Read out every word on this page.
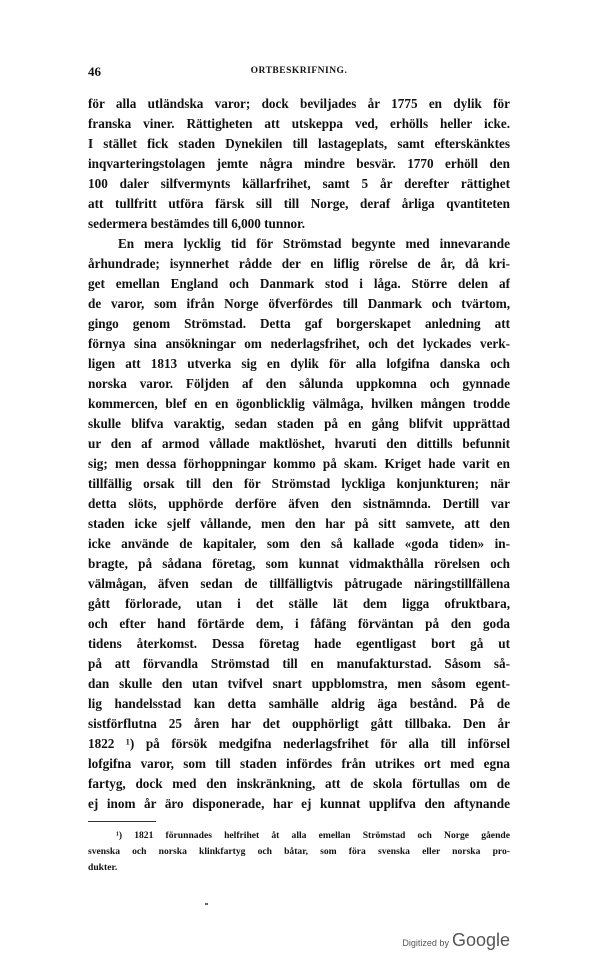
46	ORTBESKRIFNING.
för alla utländska varor; dock beviljades år 1775 en dylik för
franska viner. Rättigheten att utskeppa ved, erhölls heller icke.
I stället fick staden Dynekilen till lastageplats, samt efterskänktes
inqvarteringstolagen jemte några mindre besvär. 1770 erhöll den
100 daler silfvermynts källarfrihet, samt 5 år derefter rättighet
att tullfritt utföra färsk sill till Norge, deraf årliga qvantiteten
sedermera bestämdes till 6,000 tunnor.
En mera lycklig tid för Strömstad begynte med innevarande
århundrade; isynnerhet rådde der en liflig rörelse de år, då kri-
get emellan England och Danmark stod i låga. Större delen af
de varor, som ifrån Norge öfverfördes till Danmark och tvärtom,
gingo genom Strömstad. Detta gaf borgerskapet anledning att
förnya sina ansökningar om nederlagsfrihet, och det lyckades verk-
ligen att 1813 utverka sig en dylik för alla lofgifna danska och
norska varor. Följden af den sålunda uppkomna och gynnade
kommercen, blef en en ögonblicklig välmåga, hvilken mången trodde
skulle blifva varaktig, sedan staden på en gång blifvit upprättad
ur den af armod vållade maktlöshet, hvaruti den dittills befunnit
sig; men dessa förhoppningar kommo på skam. Kriget hade varit en
tillfällig orsak till den för Strömstad lyckliga konjunkturen; när
detta slöts, upphörde derföre äfven den sistnämnda. Dertill var
staden icke sjelf vållande, men den har på sitt samvete, att den
icke använde de kapitaler, som den så kallade «goda tiden» in-
bragte, på sådana företag, som kunnat vidmakthålla rörelsen och
välmågan, äfven sedan de tillfälligtvis påtrugade näringstillfällena
gått förlorade, utan i det ställe lät dem ligga ofruktbara,
och efter hand förtärde dem, i fåfäng förväntan på den goda
tidens återkomst. Dessa företag hade egentligast bort gå ut
på att förvandla Strömstad till en manufakturstad. Såsom så-
dan skulle den utan tvifvel snart uppblomstra, men såsom egent-
lig handelsstad kan detta samhälle aldrig äga bestånd. På de
sistförflutna 25 åren har det oupphörligt gått tillbaka. Den år
1822 ¹) på försök medgifna nederlagsfrihet för alla till införsel
lofgifna varor, som till staden infördes från utrikes ort med egna
fartyg, dock med den inskränkning, att de skola förtullas om de
ej inom år äro disponerade, har ej kunnat upplifva den aftynande
¹) 1821 förunnades helfrihet åt alla emellan Strömstad och Norge gående
svenska och norska klinkfartyg och båtar, som föra svenska eller norska pro-
dukter.
Digitized by Google
